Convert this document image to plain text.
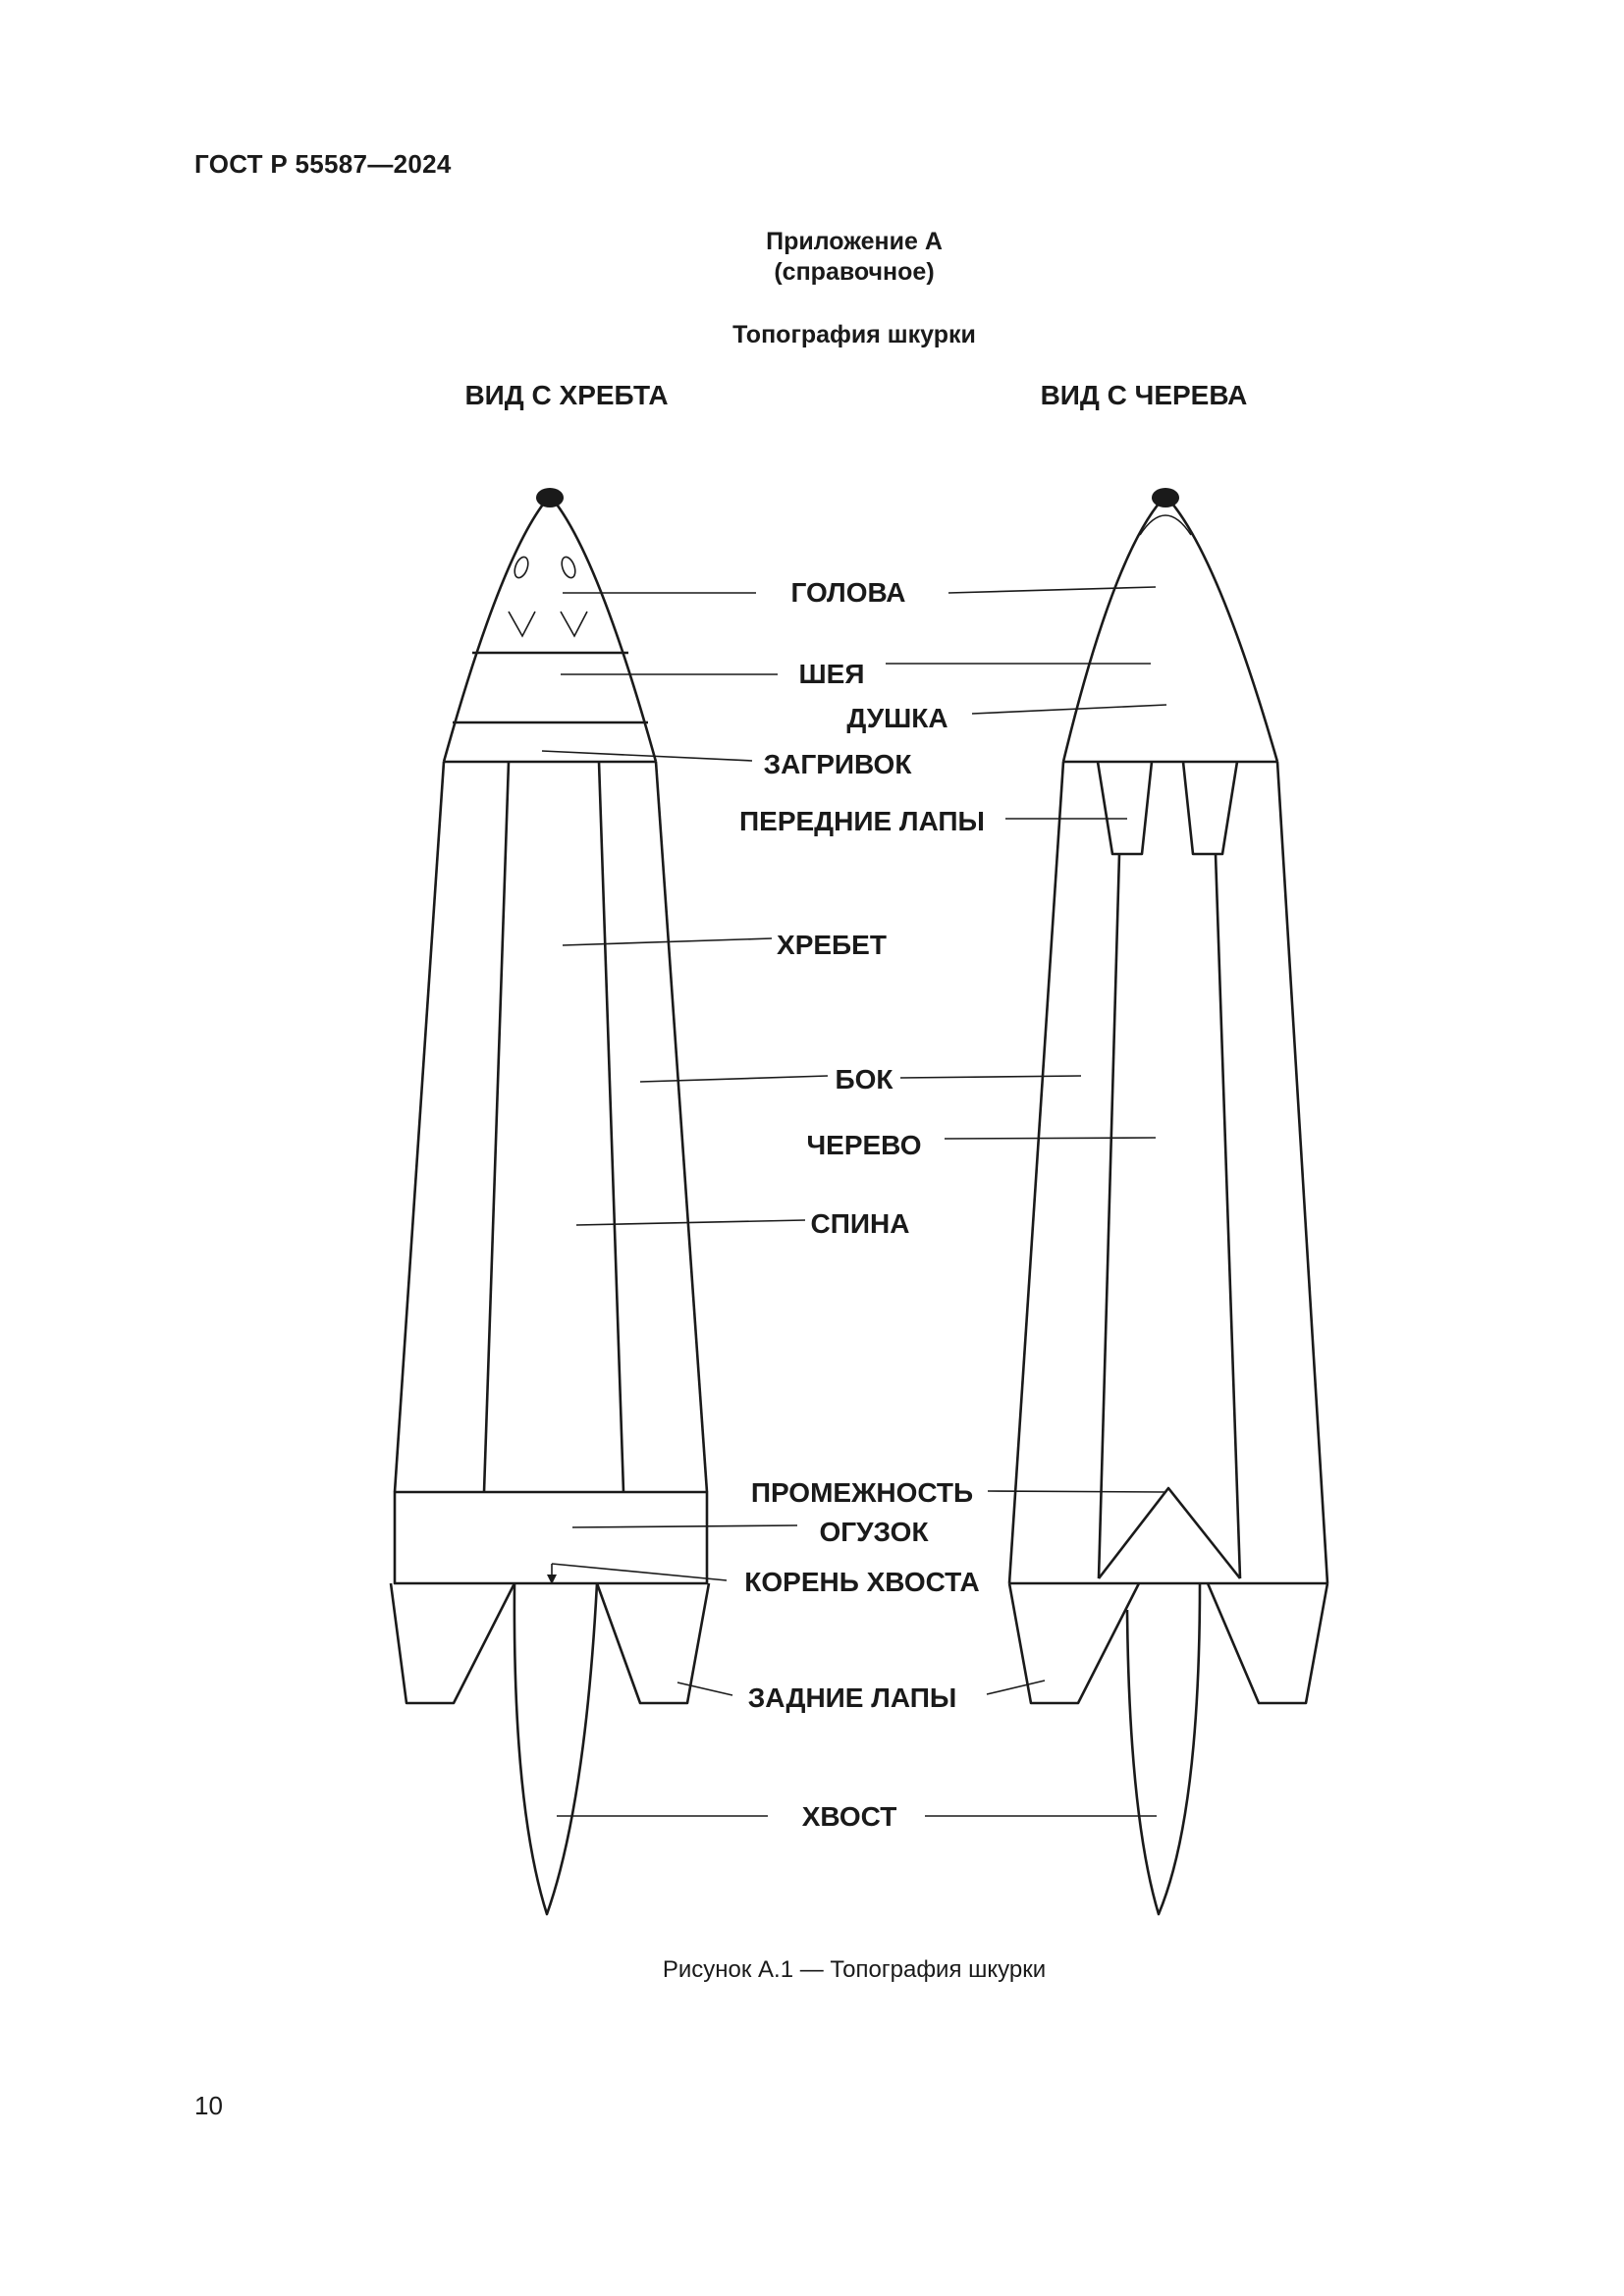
ГОСТ Р 55587—2024
Приложение А
(справочное)
Топография шкурки
ВИД С ХРЕБТА	ВИД С ЧЕРЕВА
ГОЛОВА
ШЕЯ
ДУШКА
ЗАГРИВОК
ПЕРЕДНИЕ ЛАПЫ
ХРЕБЕТ
БОК
ЧЕРЕВО
СПИНА
ПРОМЕЖНОСТЬ
ОГУЗОК
КОРЕНЬ ХВОСТА
ЗАДНИЕ ЛАПЫ
ХВОСТ
Рисунок А.1 — Топография шкурки
10
